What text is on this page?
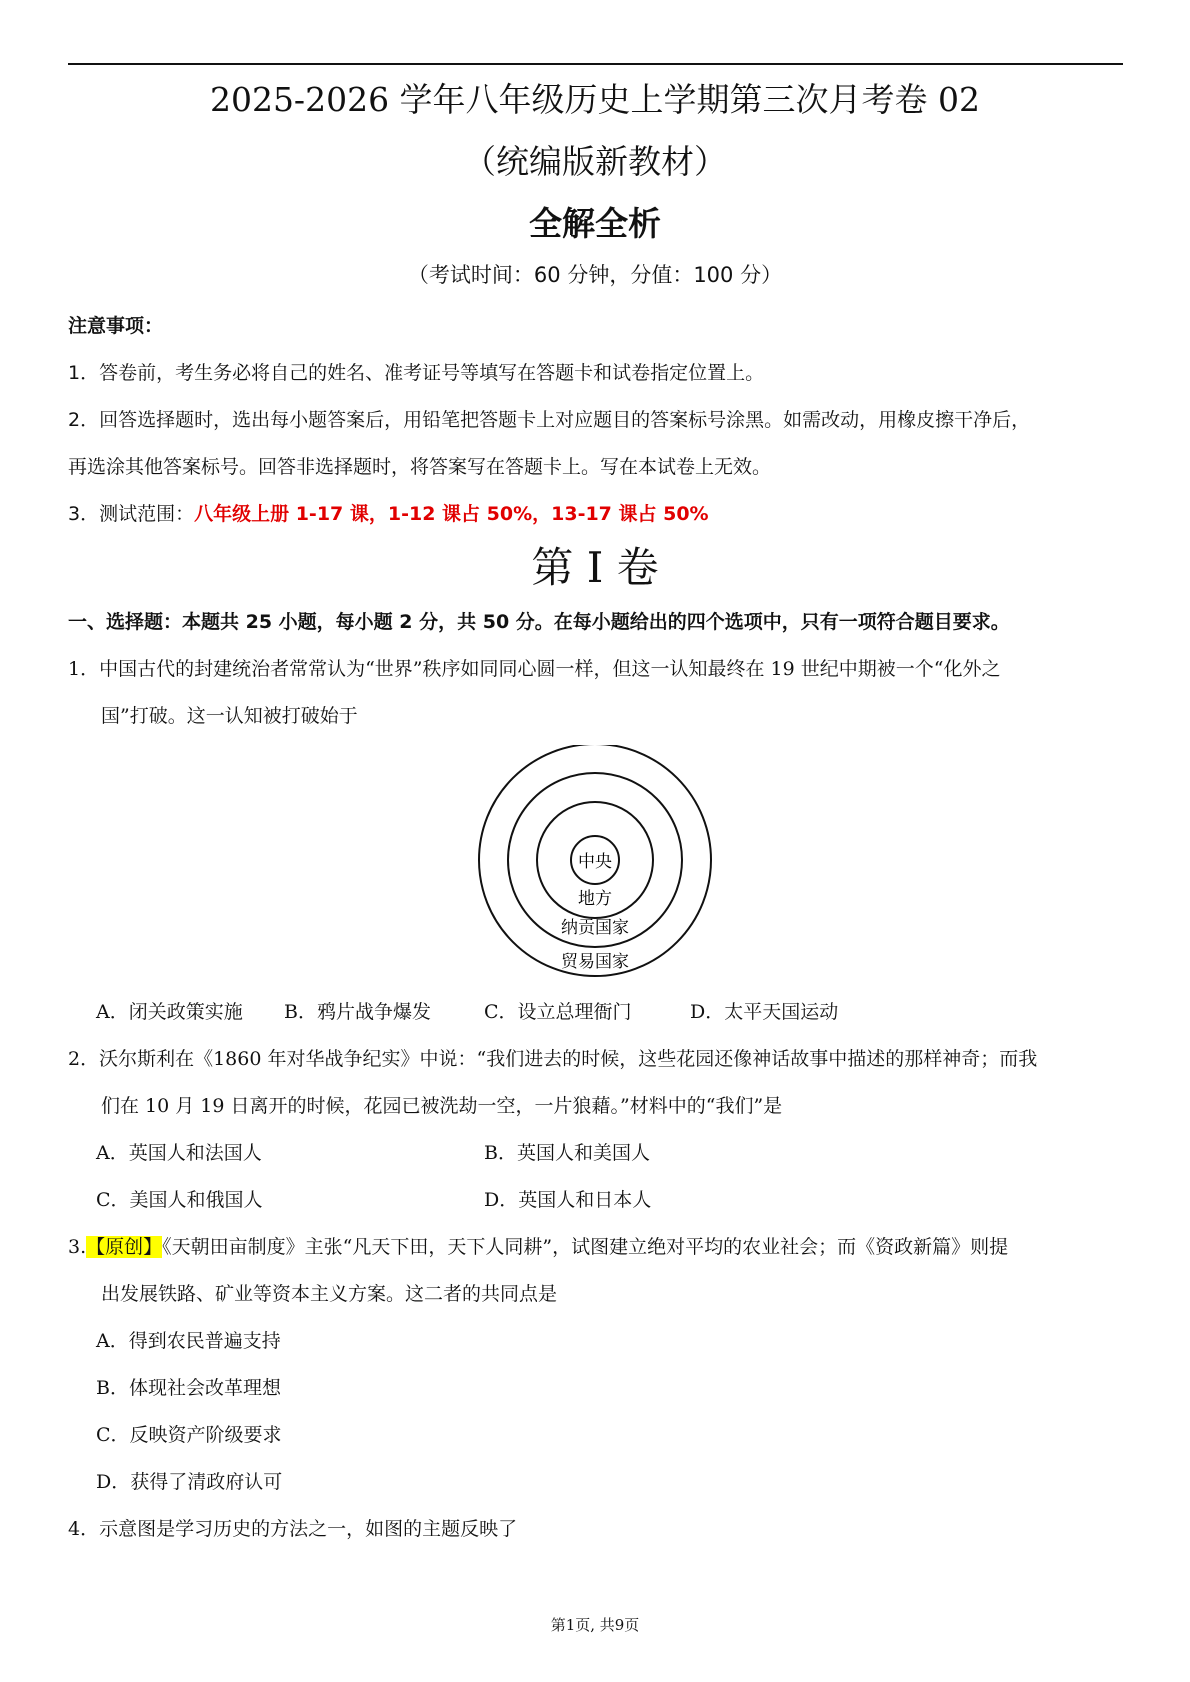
2025-2026 学年八年级历史上学期第三次月考卷 02
（统编版新教材）
全解全析
（考试时间：60 分钟，分值：100 分）
注意事项：
1．答卷前，考生务必将自己的姓名、准考证号等填写在答题卡和试卷指定位置上。
2．回答选择题时，选出每小题答案后，用铅笔把答题卡上对应题目的答案标号涂黑。如需改动，用橡皮擦干净后，
再选涂其他答案标号。回答非选择题时，将答案写在答题卡上。写在本试卷上无效。
3．测试范围：八年级上册 1-17 课，1-12 课占 50%，13-17 课占 50%
第 I 卷
一、选择题：本题共 25 小题，每小题 2 分，共 50 分。在每小题给出的四个选项中，只有一项符合题目要求。
1．中国古代的封建统治者常常认为“世界”秩序如同同心圆一样，但这一认知最终在 19 世纪中期被一个“化外之
国”打破。这一认知被打破始于
中央
地方
纳贡国家
贸易国家
A．闭关政策实施 B．鸦片战争爆发	C．设立总理衙门	D．太平天国运动
2．沃尔斯利在《1860 年对华战争纪实》中说：“我们进去的时候，这些花园还像神话故事中描述的那样神奇；而我
们在 10 月 19 日离开的时候，花园已被洗劫一空，一片狼藉。”材料中的“我们”是
A．英国人和法国人	B．英国人和美国人
C．美国人和俄国人	D．英国人和日本人
3.【原创】《天朝田亩制度》主张“凡天下田，天下人同耕”，试图建立绝对平均的农业社会；而《资政新篇》则提
出发展铁路、矿业等资本主义方案。这二者的共同点是
A．得到农民普遍支持
B．体现社会改革理想
C．反映资产阶级要求
D．获得了清政府认可
4．示意图是学习历史的方法之一，如图的主题反映了
第1页, 共9页
